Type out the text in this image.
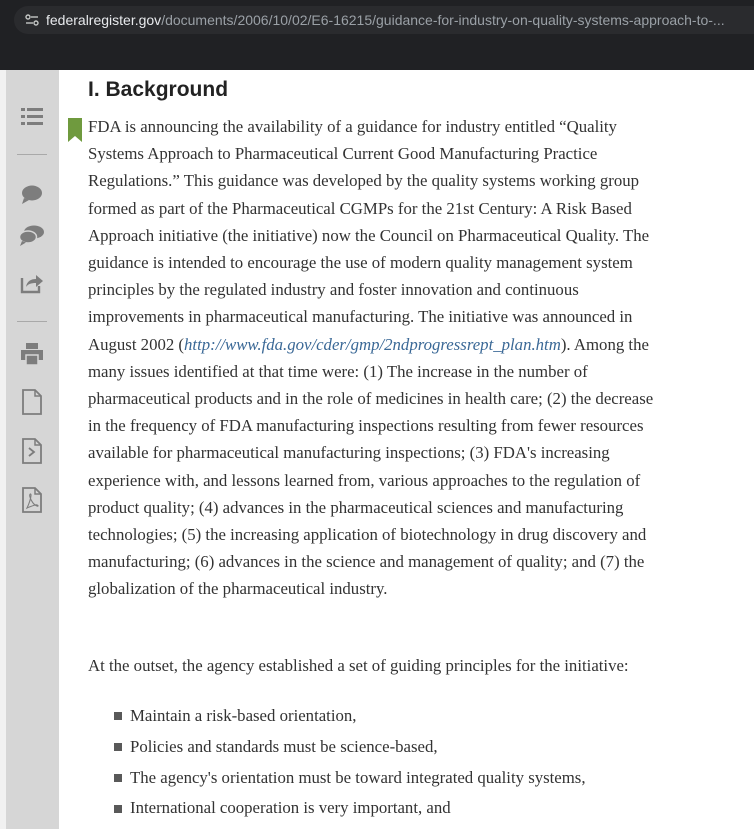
federalregister.gov/documents/2006/10/02/E6-16215/guidance-for-industry-on-quality-systems-approach-to-...
I. Background

FDA is announcing the availability of a guidance for industry entitled “Quality Systems Approach to Pharmaceutical Current Good Manufacturing Practice Regulations.” This guidance was developed by the quality systems working group formed as part of the Pharmaceutical CGMPs for the 21st Century: A Risk Based Approach initiative (the initiative) now the Council on Pharmaceutical Quality. The guidance is intended to encourage the use of modern quality management system principles by the regulated industry and foster innovation and continuous improvements in pharmaceutical manufacturing. The initiative was announced in August 2002 (http://www.fda.gov/cder/gmp/2ndprogressrept_plan.htm). Among the many issues identified at that time were: (1) The increase in the number of pharmaceutical products and in the role of medicines in health care; (2) the decrease in the frequency of FDA manufacturing inspections resulting from fewer resources available for pharmaceutical manufacturing inspections; (3) FDA's increasing experience with, and lessons learned from, various approaches to the regulation of product quality; (4) advances in the pharmaceutical sciences and manufacturing technologies; (5) the increasing application of biotechnology in drug discovery and manufacturing; (6) advances in the science and management of quality; and (7) the globalization of the pharmaceutical industry.

At the outset, the agency established a set of guiding principles for the initiative:

Maintain a risk-based orientation,
Policies and standards must be science-based,
The agency's orientation must be toward integrated quality systems,
International cooperation is very important, and
